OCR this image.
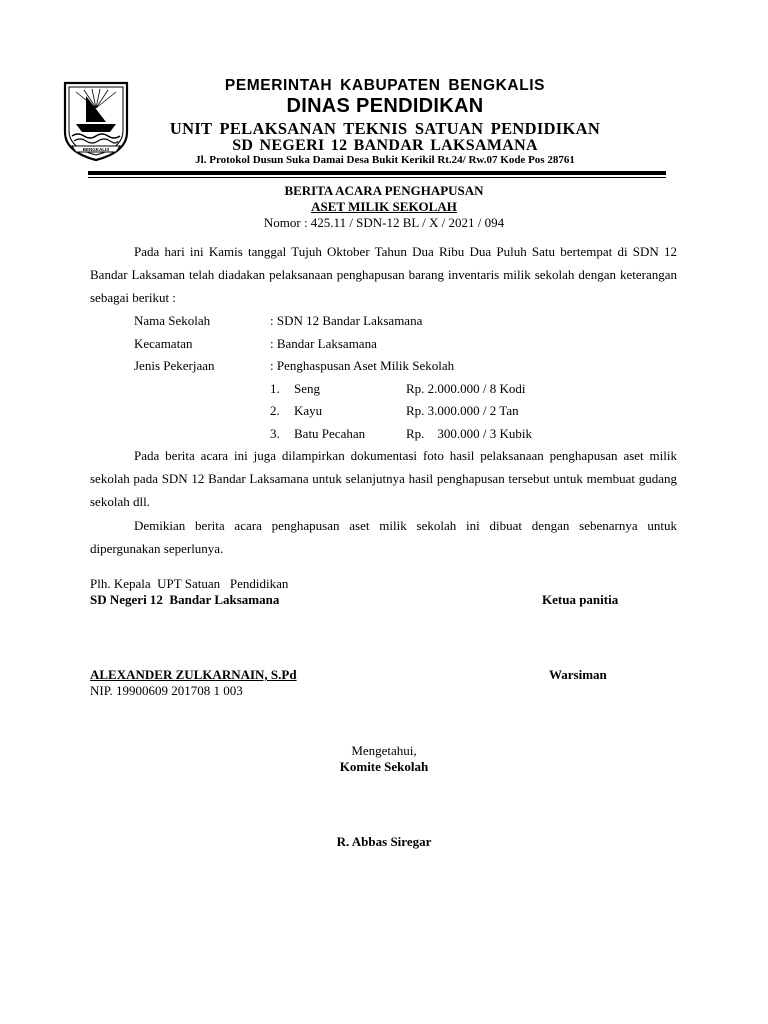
BENGKALIS
PEMERINTAH KABUPATEN BENGKALIS
DINAS PENDIDIKAN
UNIT PELAKSANAN TEKNIS SATUAN PENDIDIKAN
SD NEGERI 12 BANDAR LAKSAMANA
Jl. Protokol Dusun Suka Damai Desa Bukit Kerikil Rt.24/ Rw.07 Kode Pos 28761
BERITA ACARA PENGHAPUSAN
ASET MILIK SEKOLAH
Nomor : 425.11 / SDN-12 BL / X / 2021 / 094
Pada hari ini Kamis tanggal Tujuh Oktober Tahun Dua Ribu Dua Puluh Satu bertempat di SDN 12 Bandar Laksaman telah diadakan pelaksanaan penghapusan barang inventaris milik sekolah dengan keterangan sebagai berikut :
Nama Sekolah	: SDN 12 Bandar Laksamana
Kecamatan	: Bandar Laksamana
Jenis Pekerjaan	: Penghaspusan Aset Milik Sekolah
1. Seng	Rp. 2.000.000 / 8 Kodi
2. Kayu	Rp. 3.000.000 / 2 Tan
3. Batu Pecahan	Rp.    300.000 / 3 Kubik
Pada berita acara ini juga dilampirkan dokumentasi foto hasil pelaksanaan penghapusan aset milik sekolah pada SDN 12 Bandar Laksamana untuk selanjutnya hasil penghapusan tersebut untuk membuat gudang sekolah dll.
Demikian berita acara penghapusan aset milik sekolah ini dibuat dengan sebenarnya untuk dipergunakan seperlunya.
Plh. Kepala  UPT Satuan   Pendidikan
SD Negeri 12  Bandar Laksamana	Ketua panitia
ALEXANDER ZULKARNAIN, S.Pd
NIP. 19900609 201708 1 003
Warsiman
Mengetahui,
Komite Sekolah
R. Abbas Siregar
